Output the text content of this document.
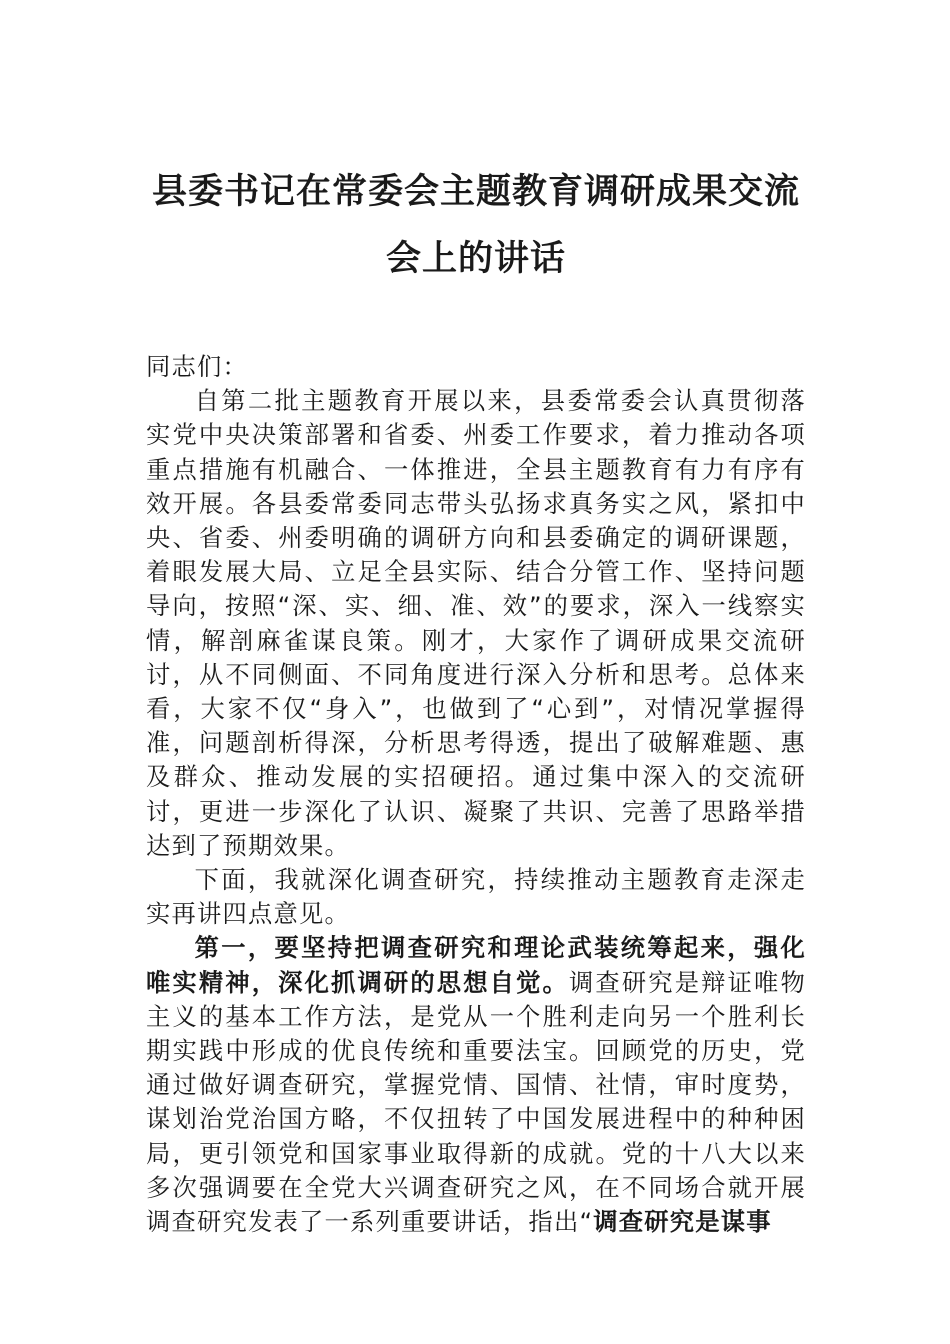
县委书记在常委会主题教育调研成果交流
会上的讲话

同志们：

自第二批主题教育开展以来，县委常委会认真贯彻落实党中央决策部署和省委、州委工作要求，着力推动各项重点措施有机融合、一体推进，全县主题教育有力有序有效开展。各县委常委同志带头弘扬求真务实之风，紧扣中央、省委、州委明确的调研方向和县委确定的调研课题，着眼发展大局、立足全县实际、结合分管工作、坚持问题导向，按照“深、实、细、准、效”的要求，深入一线察实情，解剖麻雀谋良策。刚才，大家作了调研成果交流研讨，从不同侧面、不同角度进行深入分析和思考。总体来看，大家不仅“身入”，也做到了“心到”，对情况掌握得准，问题剖析得深，分析思考得透，提出了破解难题、惠及群众、推动发展的实招硬招。通过集中深入的交流研讨，更进一步深化了认识、凝聚了共识、完善了思路举措达到了预期效果。

下面，我就深化调查研究，持续推动主题教育走深走实再讲四点意见。

第一，要坚持把调查研究和理论武装统筹起来，强化唯实精神，深化抓调研的思想自觉。调查研究是辩证唯物主义的基本工作方法，是党从一个胜利走向另一个胜利长期实践中形成的优良传统和重要法宝。回顾党的历史，党通过做好调查研究，掌握党情、国情、社情，审时度势，谋划治党治国方略，不仅扭转了中国发展进程中的种种困局，更引领党和国家事业取得新的成就。党的十八大以来多次强调要在全党大兴调查研究之风，在不同场合就开展调查研究发表了一系列重要讲话，指出“调查研究是谋事
